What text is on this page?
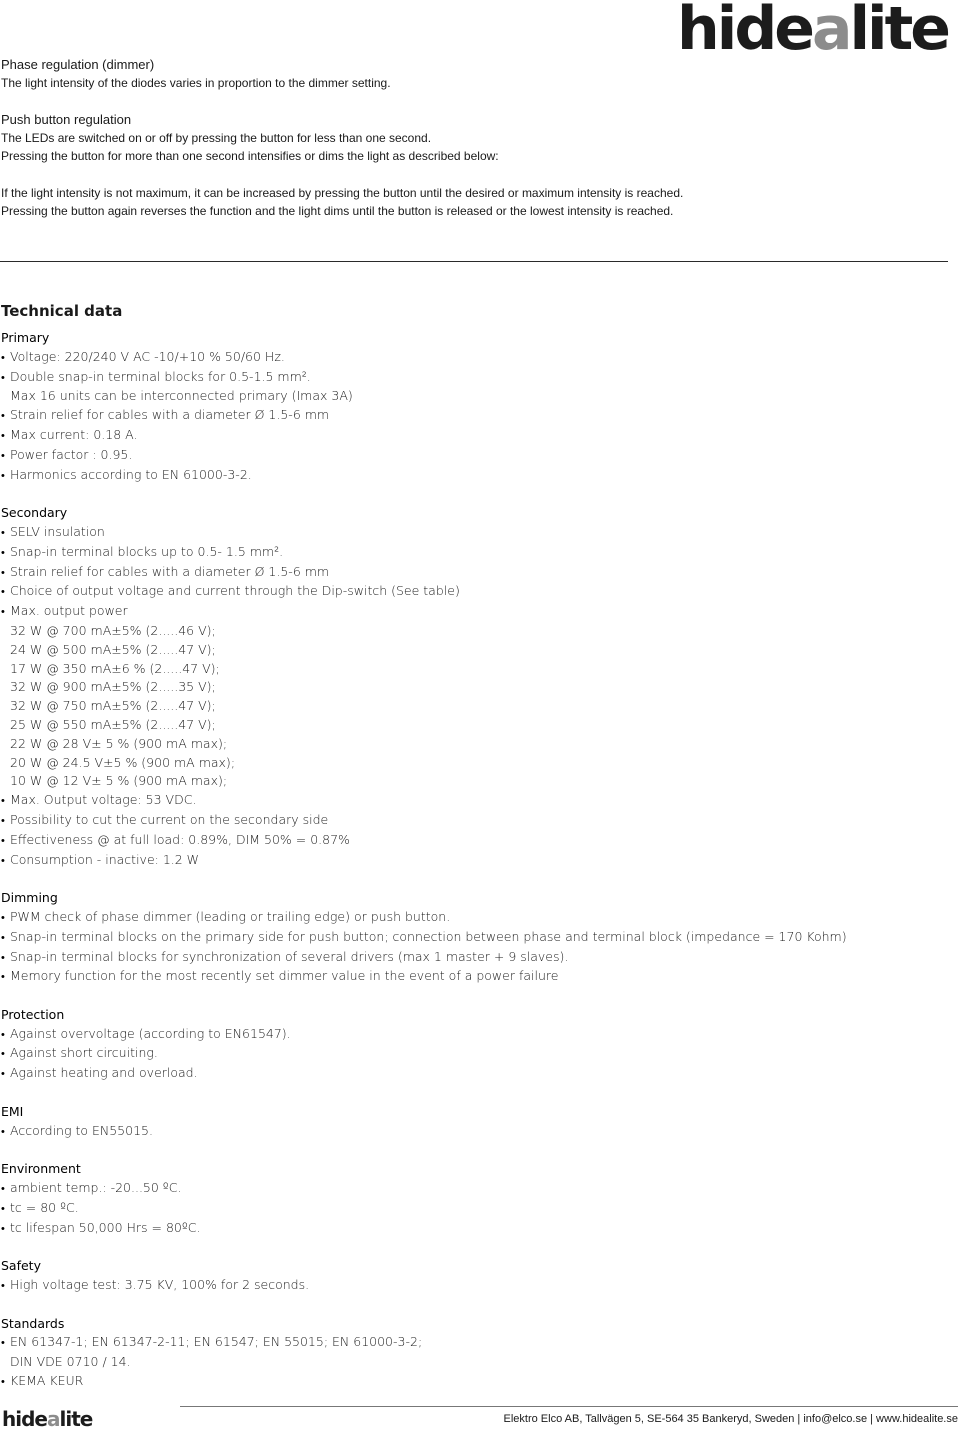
hidealite

Phase regulation (dimmer)

The light intensity of the diodes varies in proportion to the dimmer setting.

Push button regulation

The LEDs are switched on or off by pressing the button for less than one second.

Pressing the button for more than one second intensifies or dims the light as described below:

If the light intensity is not maximum, it can be increased by pressing the button until the desired or maximum intensity is reached.

Pressing the button again reverses the function and the light dims until the button is released or the lowest intensity is reached.

Technical data

Primary

• Voltage: 220/240 V AC -10/+10 % 50/60 Hz.

• Double snap-in terminal blocks for 0.5-1.5 mm².

Max 16 units can be interconnected primary (Imax 3A)

• Strain relief for cables with a diameter Ø 1.5-6 mm

• Max current: 0.18 A.

• Power factor : 0.95.

• Harmonics according to EN 61000-3-2.

Secondary

• SELV insulation

• Snap-in terminal blocks up to 0.5- 1.5 mm².

• Strain relief for cables with a diameter Ø 1.5-6 mm

• Choice of output voltage and current through the Dip-switch (See table)

• Max. output power

32 W @ 700 mA±5% (2.....46 V);

24 W @ 500 mA±5% (2.....47 V);

17 W @ 350 mA±6 % (2.....47 V);

32 W @ 900 mA±5% (2.....35 V);

32 W @ 750 mA±5% (2.....47 V);

25 W @ 550 mA±5% (2.....47 V);

22 W @ 28 V± 5 % (900 mA max);

20 W @ 24.5 V±5 % (900 mA max);

10 W @ 12 V± 5 % (900 mA max);

• Max. Output voltage: 53 VDC.

• Possibility to cut the current on the secondary side

• Effectiveness @ at full load: 0.89%, DIM 50% = 0.87%

• Consumption - inactive: 1.2 W

Dimming

• PWM check of phase dimmer (leading or trailing edge) or push button.

• Snap-in terminal blocks on the primary side for push button; connection between phase and terminal block (impedance = 170 Kohm)

• Snap-in terminal blocks for synchronization of several drivers (max 1 master + 9 slaves).

• Memory function for the most recently set dimmer value in the event of a power failure

Protection

• Against overvoltage (according to EN61547).

• Against short circuiting.

• Against heating and overload.

EMI

• According to EN55015.

Environment

• ambient temp.: -20...50 ºC.

• tc = 80 ºC.

• tc lifespan 50,000 Hrs = 80ºC.

Safety

• High voltage test: 3.75 KV, 100% for 2 seconds.

Standards

• EN 61347-1; EN 61347-2-11; EN 61547; EN 55015; EN 61000-3-2;

DIN VDE 0710 / 14.

• KEMA KEUR

hidealite	Elektro Elco AB, Tallvägen 5, SE-564 35 Bankeryd, Sweden | info@elco.se | www.hidealite.se
